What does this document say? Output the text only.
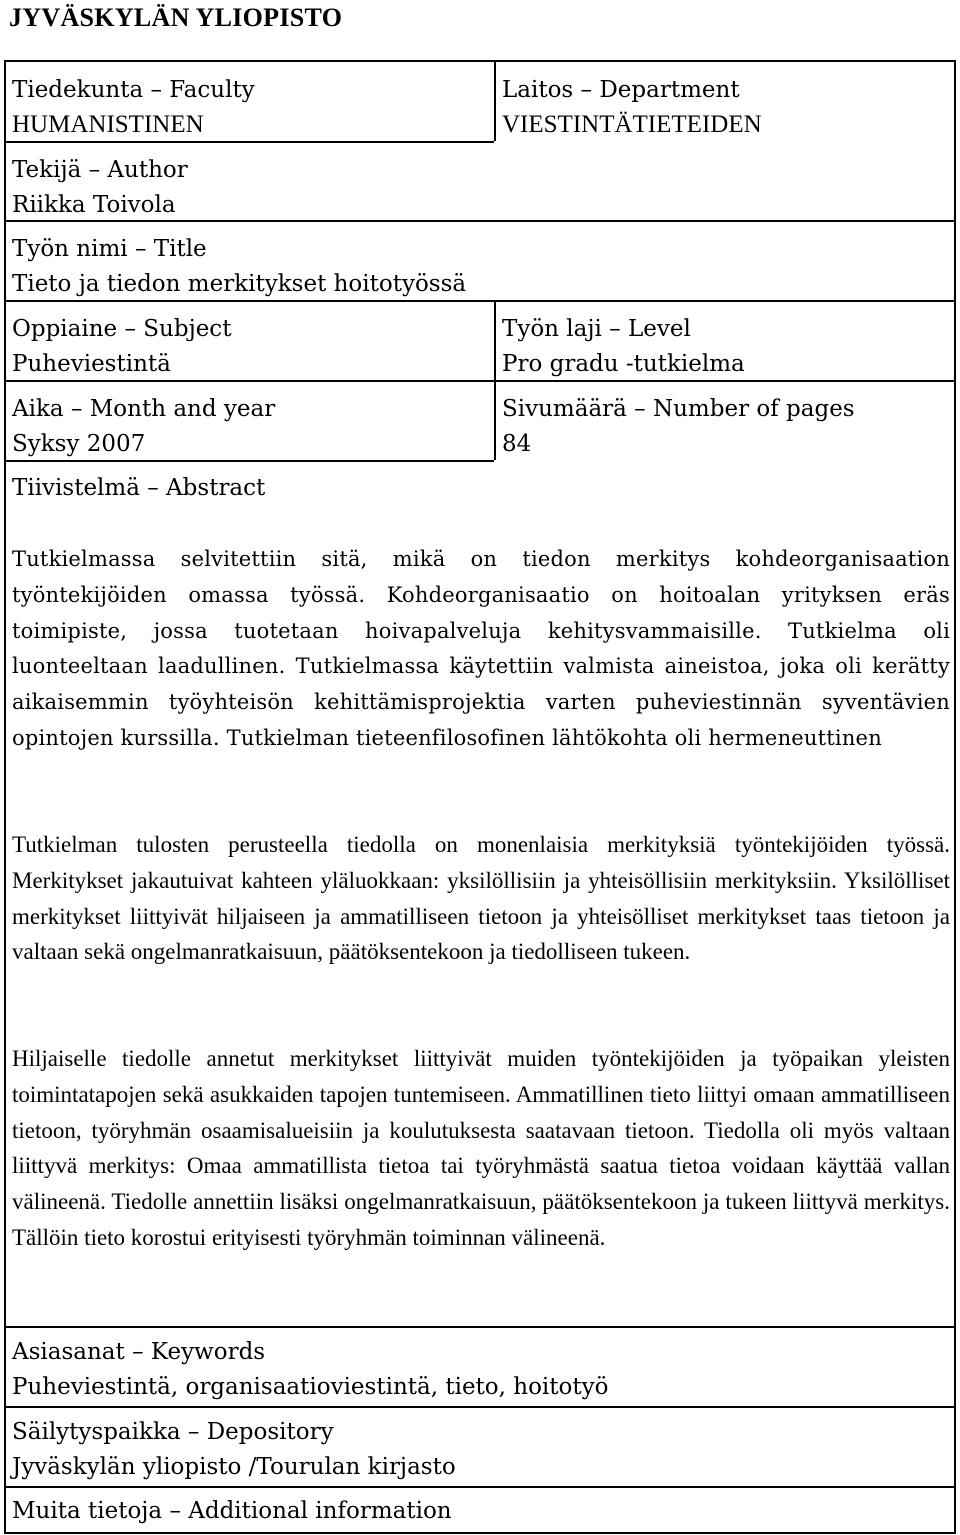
JYVÄSKYLÄN YLIOPISTO
Tiedekunta – Faculty
HUMANISTINEN
Laitos – Department
VIESTINTÄTIETEIDEN
Tekijä – Author
Riikka Toivola
Työn nimi – Title
Tieto ja tiedon merkitykset hoitotyössä
Oppiaine – Subject
Puheviestintä
Työn laji – Level
Pro gradu -tutkielma
Aika – Month and year
Syksy 2007
Sivumäärä – Number of pages
84
Tiivistelmä – Abstract
Tutkielmassa selvitettiin sitä, mikä on tiedon merkitys kohdeorganisaation työntekijöiden omassa työssä. Kohdeorganisaatio on hoitoalan yrityksen eräs toimipiste, jossa tuotetaan hoivapalveluja kehitysvammaisille. Tutkielma oli luonteeltaan laadullinen. Tutkielmassa käytettiin valmista aineistoa, joka oli kerätty aikaisemmin työyhteisön kehittämisprojektia varten puheviestinnän syventävien opintojen kurssilla. Tutkielman tieteenfilosofinen lähtökohta oli hermeneuttinen
Tutkielman tulosten perusteella tiedolla on monenlaisia merkityksiä työntekijöiden työssä. Merkitykset jakautuivat kahteen yläluokkaan: yksilöllisiin ja yhteisöllisiin merkityksiin. Yksilölliset merkitykset liittyivät hiljaiseen ja ammatilliseen tietoon ja yhteisölliset merkitykset taas tietoon ja valtaan sekä ongelmanratkaisuun, päätöksentekoon ja tiedolliseen tukeen.
Hiljaiselle tiedolle annetut merkitykset liittyivät muiden työntekijöiden ja työpaikan yleisten toimintatapojen sekä asukkaiden tapojen tuntemiseen. Ammatillinen tieto liittyi omaan ammatilliseen tietoon, työryhmän osaamisalueisiin ja koulutuksesta saatavaan tietoon. Tiedolla oli myös valtaan liittyvä merkitys: Omaa ammatillista tietoa tai työryhmästä saatua tietoa voidaan käyttää vallan välineenä. Tiedolle annettiin lisäksi ongelmanratkaisuun, päätöksentekoon ja tukeen liittyvä merkitys. Tällöin tieto korostui erityisesti työryhmän toiminnan välineenä.
Asiasanat – Keywords
Puheviestintä, organisaatioviestintä, tieto, hoitotyö
Säilytyspaikka – Depository
Jyväskylän yliopisto /Tourulan kirjasto
Muita tietoja – Additional information
